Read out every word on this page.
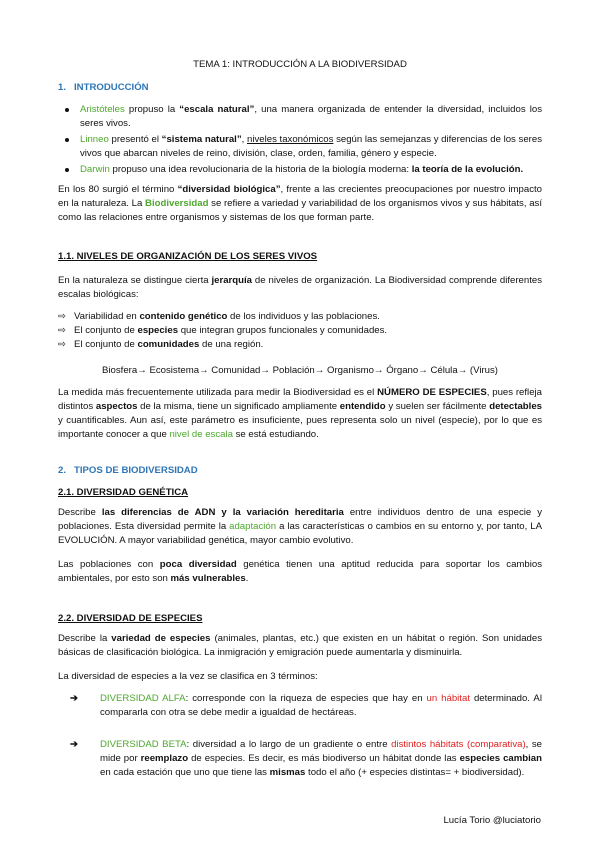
TEMA 1: INTRODUCCIÓN A LA BIODIVERSIDAD
1.   INTRODUCCIÓN
Aristóteles propuso la “escala natural”, una manera organizada de entender la diversidad, incluidos los seres vivos.
Linneo presentó el “sistema natural”, niveles taxonómicos según las semejanzas y diferencias de los seres vivos que abarcan niveles de reino, división, clase, orden, familia, género y especie.
Darwin propuso una idea revolucionaria de la historia de la biología moderna: la teoría de la evolución.

En los 80 surgió el término “diversidad biológica”, frente a las crecientes preocupaciones por nuestro impacto en la naturaleza. La Biodiversidad se refiere a variedad y variabilidad de los organismos vivos y sus hábitats, así como las relaciones entre organismos y sistemas de los que forman parte.

1.1. NIVELES DE ORGANIZACIÓN DE LOS SERES VIVOS

En la naturaleza se distingue cierta jerarquía de niveles de organización. La Biodiversidad comprende diferentes escalas biológicas:

⇨ Variabilidad en contenido genético de los individuos y las poblaciones.
⇨ El conjunto de especies que integran grupos funcionales y comunidades.
⇨ El conjunto de comunidades de una región.
Biosfera→ Ecosistema→ Comunidad→ Población→ Organismo→ Órgano→ Célula→ (Virus)

La medida más frecuentemente utilizada para medir la Biodiversidad es el NÚMERO DE ESPECIES, pues refleja distintos aspectos de la misma, tiene un significado ampliamente entendido y suelen ser fácilmente detectables y cuantificables. Aun así, este parámetro es insuficiente, pues representa solo un nivel (especie), por lo que es importante conocer a que nivel de escala se está estudiando.

2.   TIPOS DE BIODIVERSIDAD
2.1. DIVERSIDAD GENÉTICA

Describe las diferencias de ADN y la variación hereditaria entre individuos dentro de una especie y poblaciones. Esta diversidad permite la adaptación a las características o cambios en su entorno y, por tanto, LA EVOLUCIÓN. A mayor variabilidad genética, mayor cambio evolutivo.

Las poblaciones con poca diversidad genética tienen una aptitud reducida para soportar los cambios ambientales, por esto son más vulnerables.

2.2. DIVERSIDAD DE ESPECIES

Describe la variedad de especies (animales, plantas, etc.) que existen en un hábitat o región. Son unidades básicas de clasificación biológica. La inmigración y emigración puede aumentarla y disminuirla.

La diversidad de especies a la vez se clasifica en 3 términos:

➔ DIVERSIDAD ALFA: corresponde con la riqueza de especies que hay en un hábitat determinado. Al compararla con otra se debe medir a igualdad de hectáreas.
➔ DIVERSIDAD BETA: diversidad a lo largo de un gradiente o entre distintos hábitats (comparativa), se mide por reemplazo de especies. Es decir, es más biodiverso un hábitat donde las especies cambian en cada estación que uno que tiene las mismas todo el año (+ especies distintas= + biodiversidad).
Lucía Toriо @luciatorio
